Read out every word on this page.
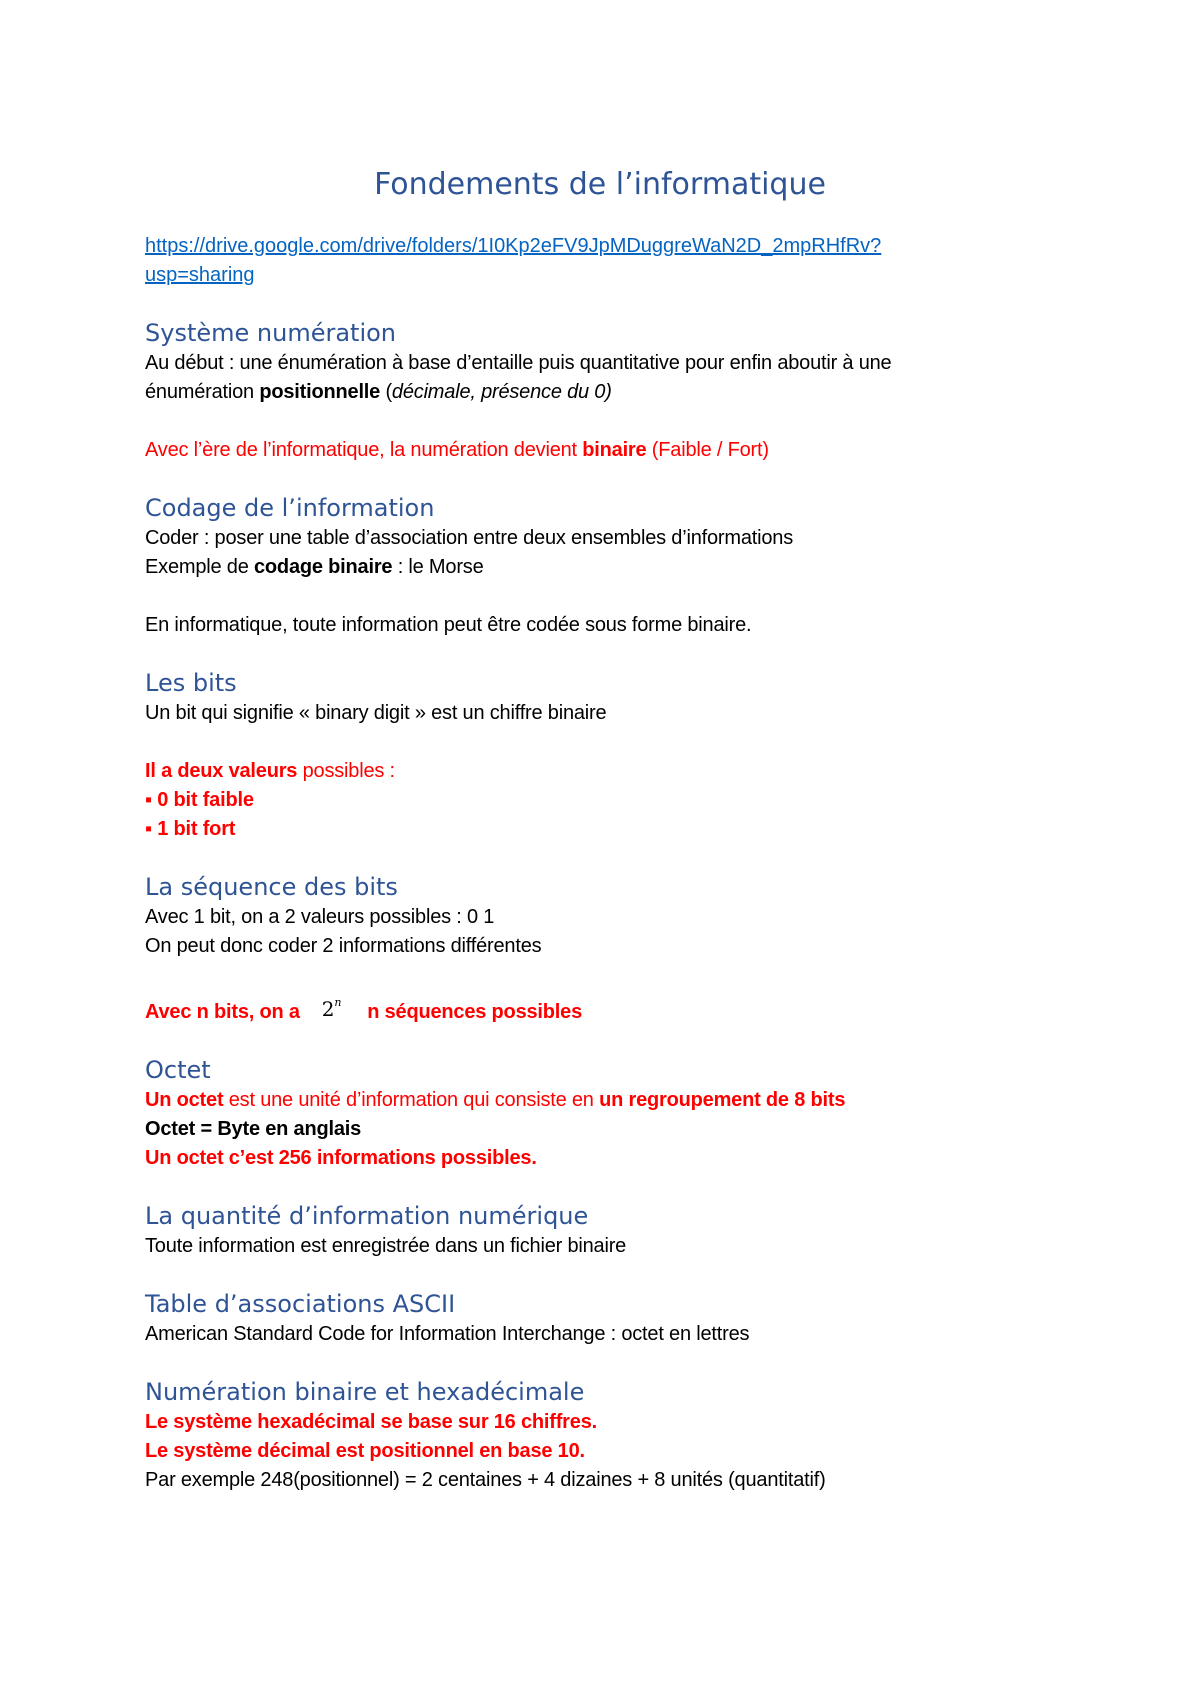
Fondements de l’informatique
https://drive.google.com/drive/folders/1I0Kp2eFV9JpMDuggreWaN2D_2mpRHfRv?
usp=sharing
Système numération

Au début : une énumération à base d’entaille puis quantitative pour enfin aboutir à une
énumération positionnelle (décimale, présence du 0)

Avec l’ère de l’informatique, la numération devient binaire (Faible / Fort)

Codage de l’information

Coder : poser une table d’association entre deux ensembles d’informations

Exemple de codage binaire : le Morse

En informatique, toute information peut être codée sous forme binaire.

Les bits

Un bit qui signifie « binary digit » est un chiffre binaire

Il a deux valeurs possibles :

▪ 0 bit faible

▪ 1 bit fort

La séquence des bits

Avec 1 bit, on a 2 valeurs possibles : 0 1

On peut donc coder 2 informations différentes

Avec n bits, on a 2$^n$ n séquences possibles

Octet

Un octet est une unité d’information qui consiste en un regroupement de 8 bits

Octet = Byte en anglais

Un octet c’est 256 informations possibles.

La quantité d’information numérique

Toute information est enregistrée dans un fichier binaire

Table d’associations ASCII

American Standard Code for Information Interchange : octet en lettres

Numération binaire et hexadécimale

Le système hexadécimal se base sur 16 chiffres.

Le système décimal est positionnel en base 10.

Par exemple 248(positionnel) = 2 centaines + 4 dizaines + 8 unités (quantitatif)
